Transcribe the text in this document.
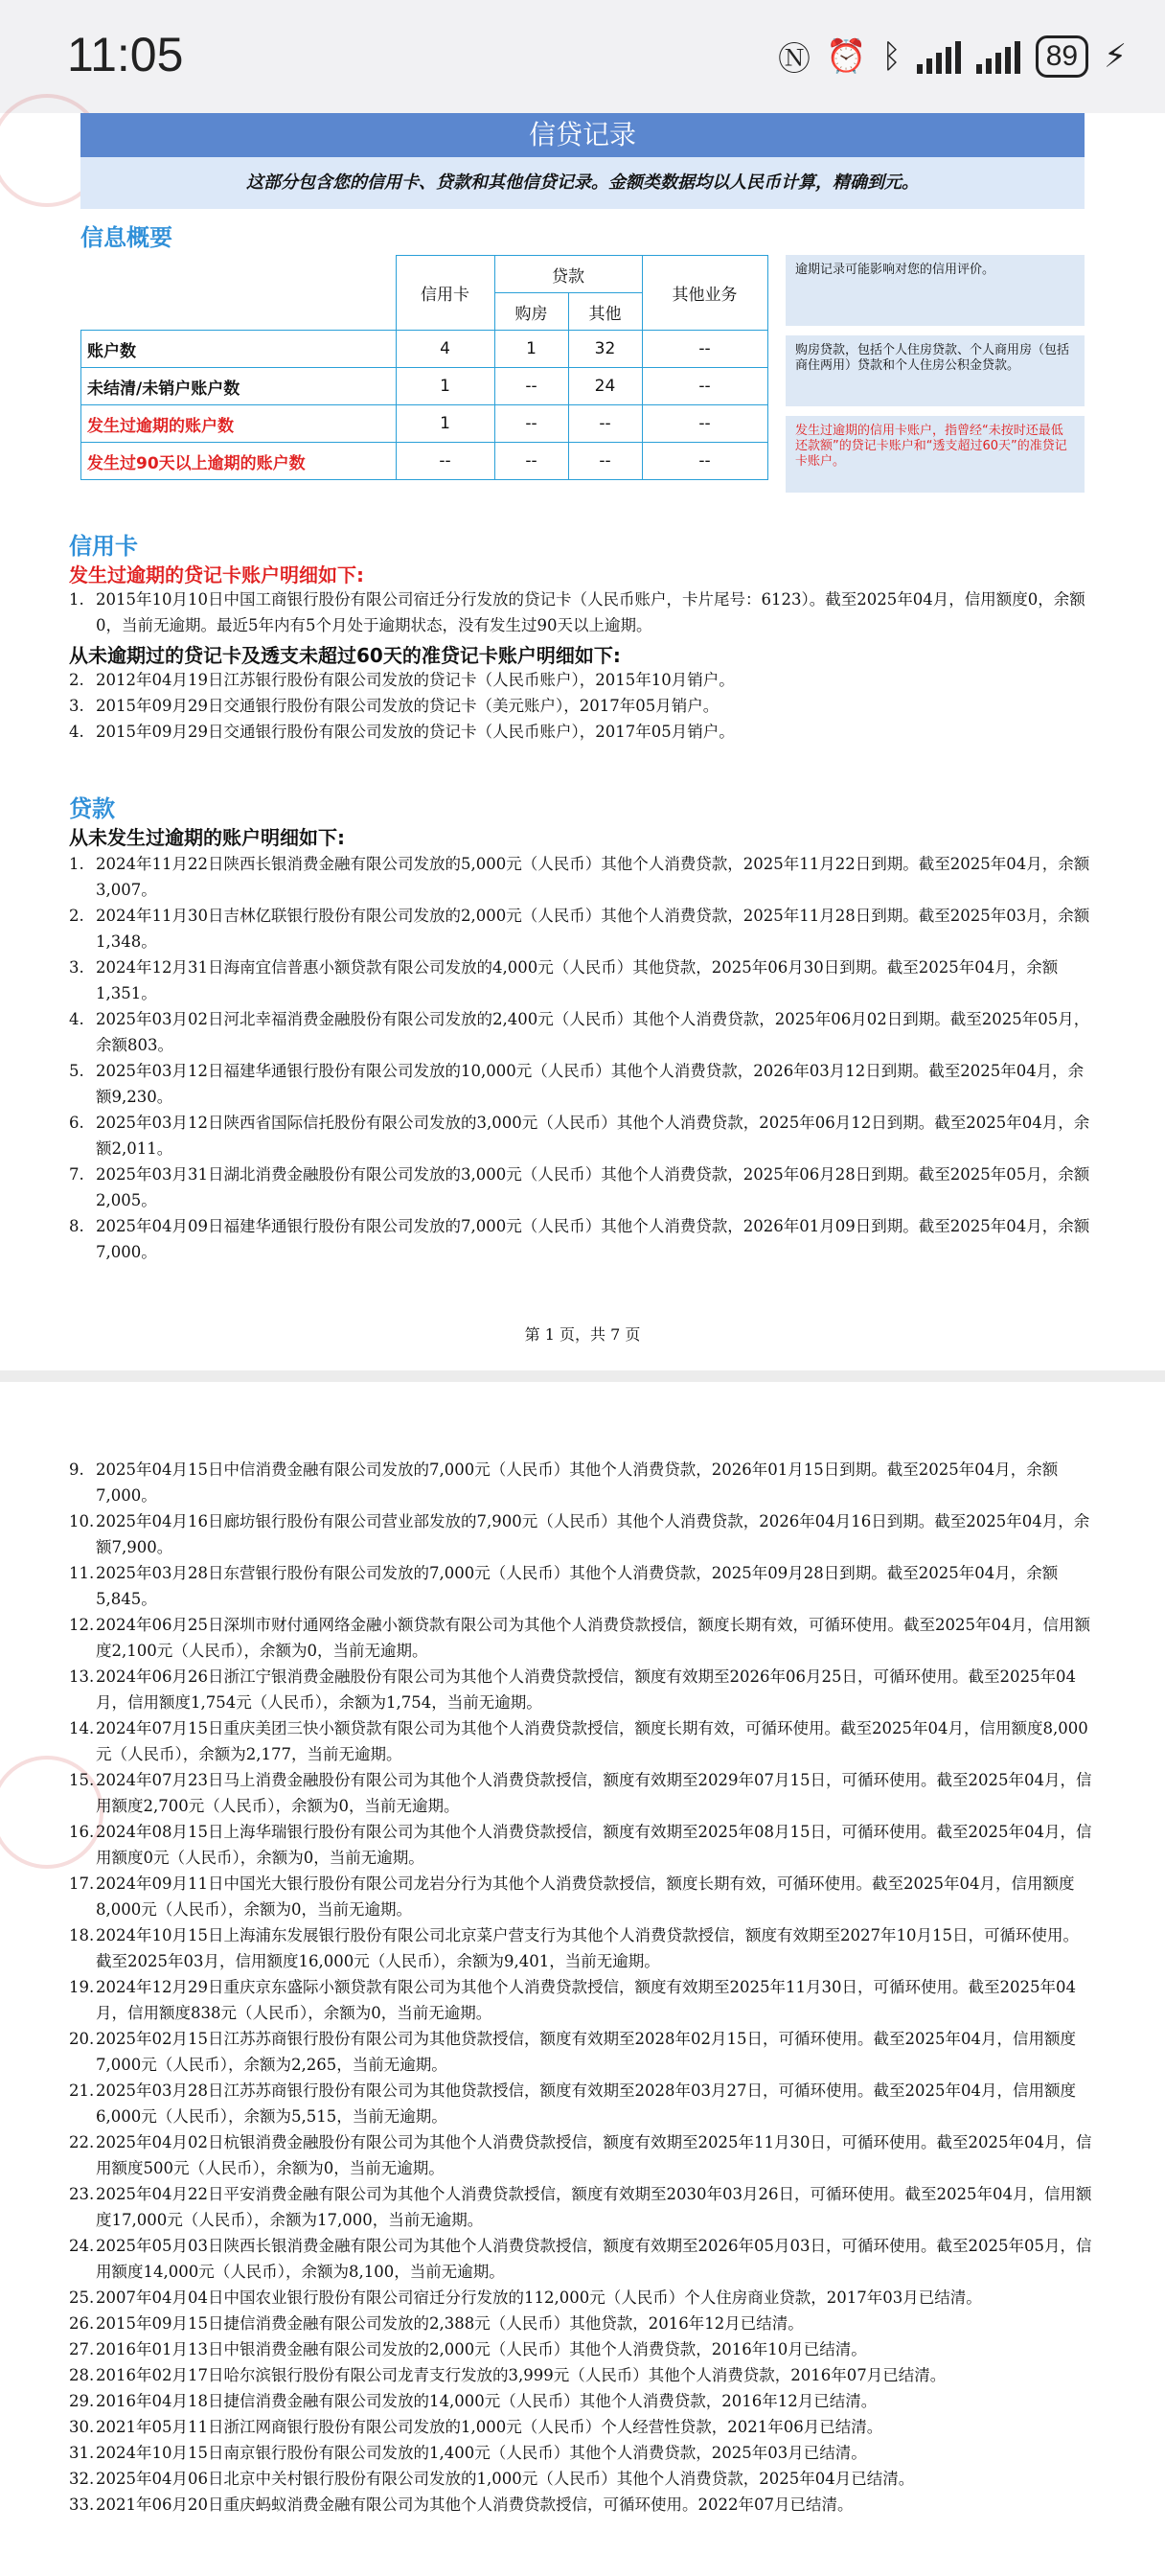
11:05	Ⓝ ⏰ ᛒ	89 ⚡
信贷记录
这部分包含您的信用卡、贷款和其他信贷记录。金额类数据均以人民币计算，精确到元。
信息概要
	信用卡	贷款		其他业务
		购房	其他	
账户数	4	1	32	--
未结清/未销户账户数	1	--	24	--
发生过逾期的账户数	1	--	--	--
发生过90天以上逾期的账户数	--	--	--	--
逾期记录可能影响对您的信用评价。
购房贷款，包括个人住房贷款、个人商用房（包括商住两用）贷款和个人住房公积金贷款。
发生过逾期的信用卡账户，指曾经“未按时还最低还款额”的贷记卡账户和“透支超过60天”的准贷记卡账户。
信用卡
发生过逾期的贷记卡账户明细如下:
1. 2015年10月10日中国工商银行股份有限公司宿迁分行发放的贷记卡（人民币账户，卡片尾号：6123）。截至2025年04月，信用额度0，余额0，当前无逾期。最近5年内有5个月处于逾期状态，没有发生过90天以上逾期。
从未逾期过的贷记卡及透支未超过60天的准贷记卡账户明细如下:
2. 2012年04月19日江苏银行股份有限公司发放的贷记卡（人民币账户），2015年10月销户。
3. 2015年09月29日交通银行股份有限公司发放的贷记卡（美元账户），2017年05月销户。
4. 2015年09月29日交通银行股份有限公司发放的贷记卡（人民币账户），2017年05月销户。
贷款
从未发生过逾期的账户明细如下:
1. 2024年11月22日陕西长银消费金融有限公司发放的5,000元（人民币）其他个人消费贷款，2025年11月22日到期。截至2025年04月，余额3,007。
2. 2024年11月30日吉林亿联银行股份有限公司发放的2,000元（人民币）其他个人消费贷款，2025年11月28日到期。截至2025年03月，余额1,348。
3. 2024年12月31日海南宜信普惠小额贷款有限公司发放的4,000元（人民币）其他贷款，2025年06月30日到期。截至2025年04月，余额1,351。
4. 2025年03月02日河北幸福消费金融股份有限公司发放的2,400元（人民币）其他个人消费贷款，2025年06月02日到期。截至2025年05月，余额803。
5. 2025年03月12日福建华通银行股份有限公司发放的10,000元（人民币）其他个人消费贷款，2026年03月12日到期。截至2025年04月，余额9,230。
6. 2025年03月12日陕西省国际信托股份有限公司发放的3,000元（人民币）其他个人消费贷款，2025年06月12日到期。截至2025年04月，余额2,011。
7. 2025年03月31日湖北消费金融股份有限公司发放的3,000元（人民币）其他个人消费贷款，2025年06月28日到期。截至2025年05月，余额2,005。
8. 2025年04月09日福建华通银行股份有限公司发放的7,000元（人民币）其他个人消费贷款，2026年01月09日到期。截至2025年04月，余额7,000。
第 1 页，共 7 页
9. 2025年04月15日中信消费金融有限公司发放的7,000元（人民币）其他个人消费贷款，2026年01月15日到期。截至2025年04月，余额7,000。
10. 2025年04月16日廊坊银行股份有限公司营业部发放的7,900元（人民币）其他个人消费贷款，2026年04月16日到期。截至2025年04月，余额7,900。
11. 2025年03月28日东营银行股份有限公司发放的7,000元（人民币）其他个人消费贷款，2025年09月28日到期。截至2025年04月，余额5,845。
12. 2024年06月25日深圳市财付通网络金融小额贷款有限公司为其他个人消费贷款授信，额度长期有效，可循环使用。截至2025年04月，信用额度2,100元（人民币），余额为0，当前无逾期。
13. 2024年06月26日浙江宁银消费金融股份有限公司为其他个人消费贷款授信，额度有效期至2026年06月25日，可循环使用。截至2025年04月，信用额度1,754元（人民币），余额为1,754，当前无逾期。
14. 2024年07月15日重庆美团三快小额贷款有限公司为其他个人消费贷款授信，额度长期有效，可循环使用。截至2025年04月，信用额度8,000元（人民币），余额为2,177，当前无逾期。
15. 2024年07月23日马上消费金融股份有限公司为其他个人消费贷款授信，额度有效期至2029年07月15日，可循环使用。截至2025年04月，信用额度2,700元（人民币），余额为0，当前无逾期。
16. 2024年08月15日上海华瑞银行股份有限公司为其他个人消费贷款授信，额度有效期至2025年08月15日，可循环使用。截至2025年04月，信用额度0元（人民币），余额为0，当前无逾期。
17. 2024年09月11日中国光大银行股份有限公司龙岩分行为其他个人消费贷款授信，额度长期有效，可循环使用。截至2025年04月，信用额度8,000元（人民币），余额为0，当前无逾期。
18. 2024年10月15日上海浦东发展银行股份有限公司北京菜户营支行为其他个人消费贷款授信，额度有效期至2027年10月15日，可循环使用。截至2025年03月，信用额度16,000元（人民币），余额为9,401，当前无逾期。
19. 2024年12月29日重庆京东盛际小额贷款有限公司为其他个人消费贷款授信，额度有效期至2025年11月30日，可循环使用。截至2025年04月，信用额度838元（人民币），余额为0，当前无逾期。
20. 2025年02月15日江苏苏商银行股份有限公司为其他贷款授信，额度有效期至2028年02月15日，可循环使用。截至2025年04月，信用额度7,000元（人民币），余额为2,265，当前无逾期。
21. 2025年03月28日江苏苏商银行股份有限公司为其他贷款授信，额度有效期至2028年03月27日，可循环使用。截至2025年04月，信用额度6,000元（人民币），余额为5,515，当前无逾期。
22. 2025年04月02日杭银消费金融股份有限公司为其他个人消费贷款授信，额度有效期至2025年11月30日，可循环使用。截至2025年04月，信用额度500元（人民币），余额为0，当前无逾期。
23. 2025年04月22日平安消费金融有限公司为其他个人消费贷款授信，额度有效期至2030年03月26日，可循环使用。截至2025年04月，信用额度17,000元（人民币），余额为17,000，当前无逾期。
24. 2025年05月03日陕西长银消费金融有限公司为其他个人消费贷款授信，额度有效期至2026年05月03日，可循环使用。截至2025年05月，信用额度14,000元（人民币），余额为8,100，当前无逾期。
25. 2007年04月04日中国农业银行股份有限公司宿迁分行发放的112,000元（人民币）个人住房商业贷款，2017年03月已结清。
26. 2015年09月15日捷信消费金融有限公司发放的2,388元（人民币）其他贷款，2016年12月已结清。
27. 2016年01月13日中银消费金融有限公司发放的2,000元（人民币）其他个人消费贷款，2016年10月已结清。
28. 2016年02月17日哈尔滨银行股份有限公司龙青支行发放的3,999元（人民币）其他个人消费贷款，2016年07月已结清。
29. 2016年04月18日捷信消费金融有限公司发放的14,000元（人民币）其他个人消费贷款，2016年12月已结清。
30. 2021年05月11日浙江网商银行股份有限公司发放的1,000元（人民币）个人经营性贷款，2021年06月已结清。
31. 2024年10月15日南京银行股份有限公司发放的1,400元（人民币）其他个人消费贷款，2025年03月已结清。
32. 2025年04月06日北京中关村银行股份有限公司发放的1,000元（人民币）其他个人消费贷款，2025年04月已结清。
33. 2021年06月20日重庆蚂蚁消费金融有限公司为其他个人消费贷款授信，可循环使用。2022年07月已结清。
